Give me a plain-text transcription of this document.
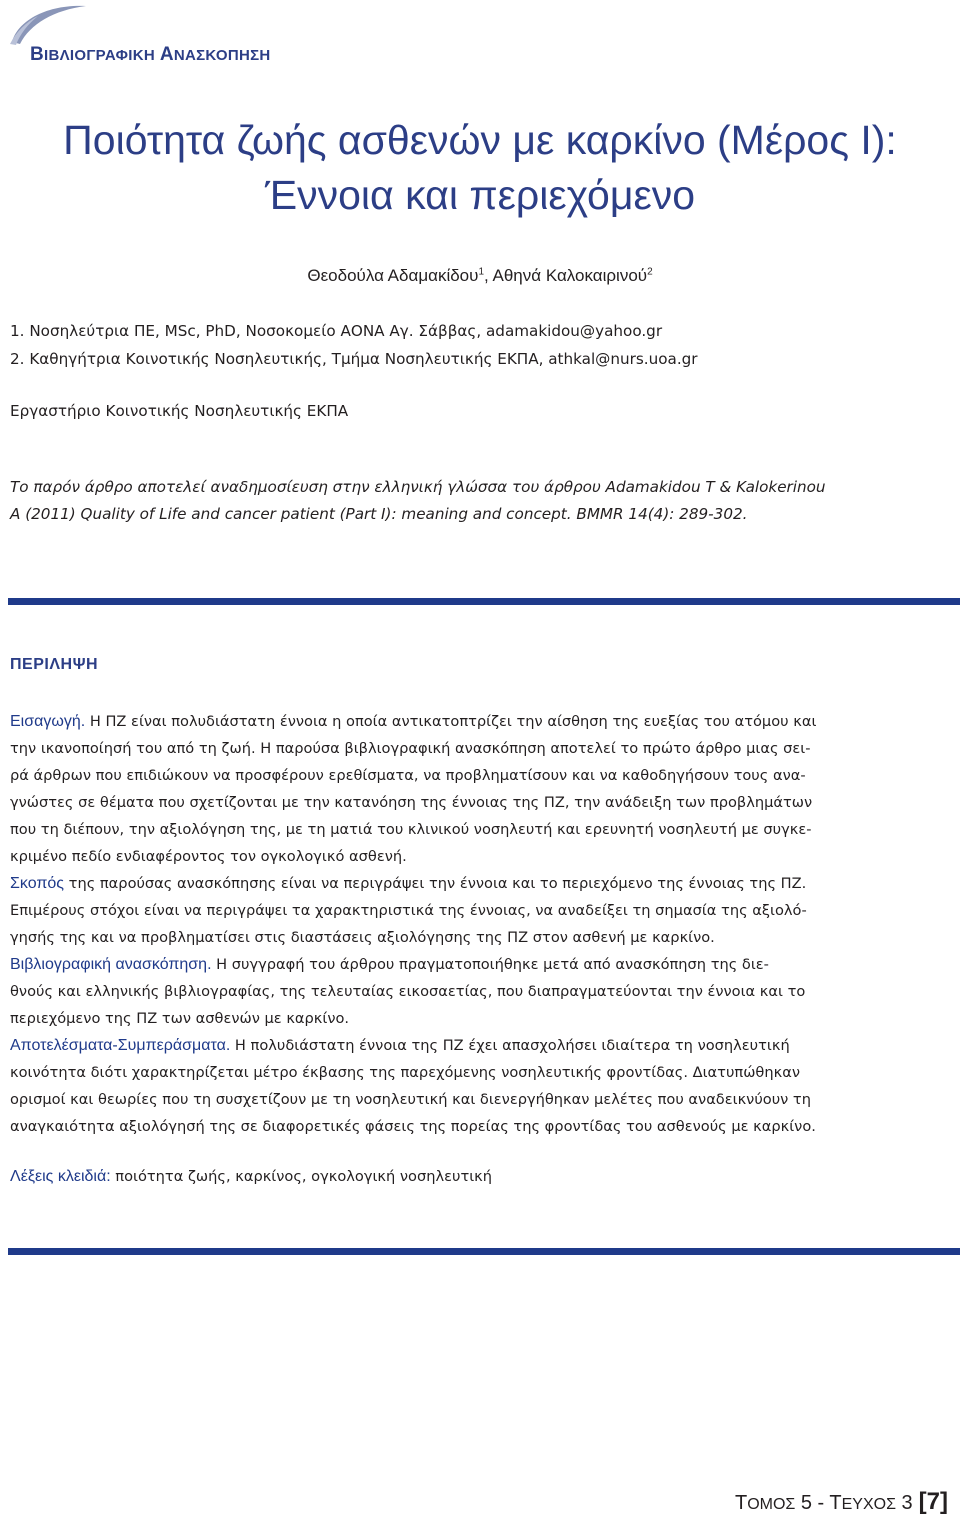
ΒΙΒΛΙΟΓΡΑΦΙΚΗ ΑΝΑΣΚΟΠΗΣΗ
Ποιότητα ζωής ασθενών με καρκίνο (Μέρος Ι):
Έννοια και περιεχόμενο
Θεοδούλα Αδαμακίδου$^1$, Αθηνά Καλοκαιρινού$^2$
1. Νοσηλεύτρια ΠΕ, MSc, PhD, Νοσοκομείο ΑΟΝΑ Αγ. Σάββας, adamakidou@yahoo.gr
2. Καθηγήτρια Κοινοτικής Νοσηλευτικής, Τμήμα Νοσηλευτικής ΕΚΠΑ, athkal@nurs.uoa.gr
Εργαστήριο Κοινοτικής Νοσηλευτικής ΕΚΠΑ
Το παρόν άρθρο αποτελεί αναδημοσίευση στην ελληνική γλώσσα του άρθρου Adamakidou T & Kalokerinou
A (2011) Quality of Life and cancer patient (Part I): meaning and concept. BMMR 14(4): 289-302.
ΠΕΡΙΛΗΨΗ
Εισαγωγή. Η ΠΖ είναι πολυδιάστατη έννοια η οποία αντικατοπτρίζει την αίσθηση της ευεξίας του ατόμου και
την ικανοποίησή του από τη ζωή. Η παρούσα βιβλιογραφική ανασκόπηση αποτελεί το πρώτο άρθρο μιας σει-
ρά άρθρων που επιδιώκουν να προσφέρουν ερεθίσματα, να προβληματίσουν και να καθοδηγήσουν τους ανα-
γνώστες σε θέματα που σχετίζονται με την κατανόηση της έννοιας της ΠΖ, την ανάδειξη των προβλημάτων
που τη διέπουν, την αξιολόγηση της, με τη ματιά του κλινικού νοσηλευτή και ερευνητή νοσηλευτή με συγκε-
κριμένο πεδίο ενδιαφέροντος τον ογκολογικό ασθενή.
Σκοπός της παρούσας ανασκόπησης είναι να περιγράψει την έννοια και το περιεχόμενο της έννοιας της ΠΖ.
Επιμέρους στόχοι είναι να περιγράψει τα χαρακτηριστικά της έννοιας, να αναδείξει τη σημασία της αξιολό-
γησής της και να προβληματίσει στις διαστάσεις αξιολόγησης της ΠΖ στον ασθενή με καρκίνο.
Βιβλιογραφική ανασκόπηση. Η συγγραφή του άρθρου πραγματοποιήθηκε μετά από ανασκόπηση της διε-
θνούς και ελληνικής βιβλιογραφίας, της τελευταίας εικοσαετίας, που διαπραγματεύονται την έννοια και το
περιεχόμενο της ΠΖ των ασθενών με καρκίνο.
Αποτελέσματα-Συμπεράσματα. Η πολυδιάστατη έννοια της ΠΖ έχει απασχολήσει ιδιαίτερα τη νοσηλευτική
κοινότητα διότι χαρακτηρίζεται μέτρο έκβασης της παρεχόμενης νοσηλευτικής φροντίδας. Διατυπώθηκαν
ορισμοί και θεωρίες που τη συσχετίζουν με τη νοσηλευτική και διενεργήθηκαν μελέτες που αναδεικνύουν τη
αναγκαιότητα αξιολόγησή της σε διαφορετικές φάσεις της πορείας της φροντίδας του ασθενούς με καρκίνο.
Λέξεις κλειδιά: ποιότητα ζωής, καρκίνος, ογκολογική νοσηλευτική
ΤΟΜΟΣ 5 - ΤΕΥΧΟΣ 3 [7]
